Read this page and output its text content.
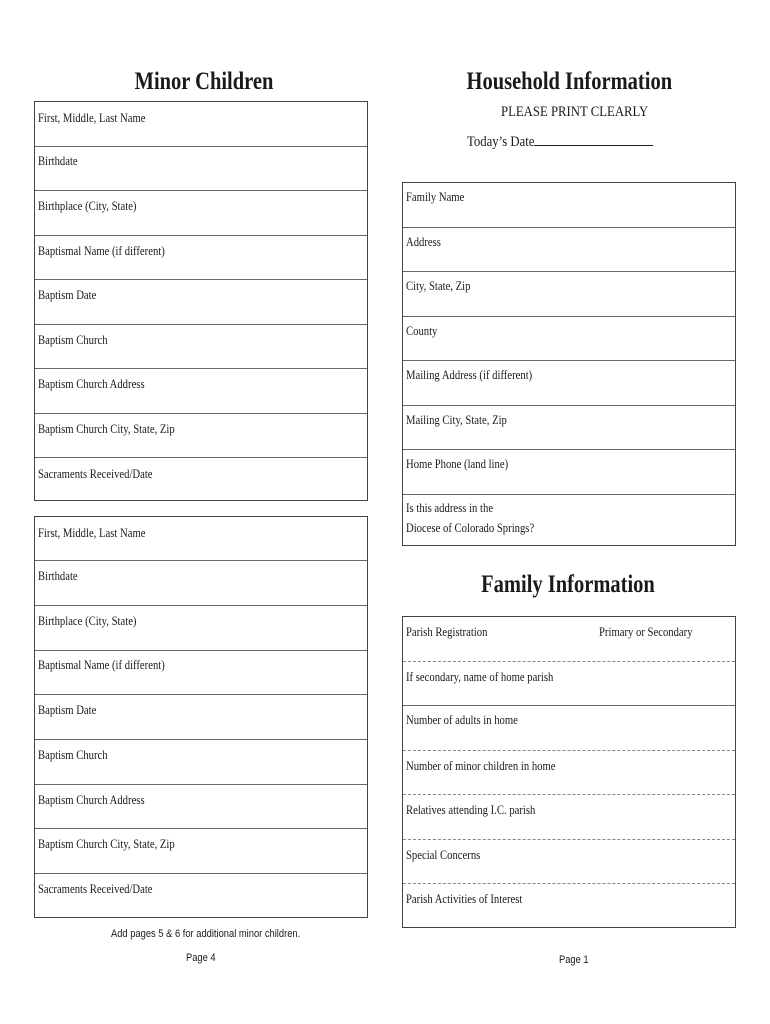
Minor Children
First, Middle, Last Name
Birthdate
Birthplace (City, State)
Baptismal Name (if different)
Baptism Date
Baptism Church
Baptism Church Address
Baptism Church City, State, Zip
Sacraments Received/Date
First, Middle, Last Name
Birthdate
Birthplace (City, State)
Baptismal Name (if different)
Baptism Date
Baptism Church
Baptism Church Address
Baptism Church City, State, Zip
Sacraments Received/Date
Add pages 5 & 6 for additional minor children.
Page 4
Household Information
PLEASE PRINT CLEARLY
Today’s Date
Family Name
Address
City, State, Zip
County
Mailing Address (if different)
Mailing City, State, Zip
Home Phone (land line)
Is this address in the
Diocese of Colorado Springs?
Family Information
Parish Registration	Primary or Secondary
If secondary, name of home parish
Number of adults in home
Number of minor children in home
Relatives attending I.C. parish
Special Concerns
Parish Activities of Interest
Page 1
